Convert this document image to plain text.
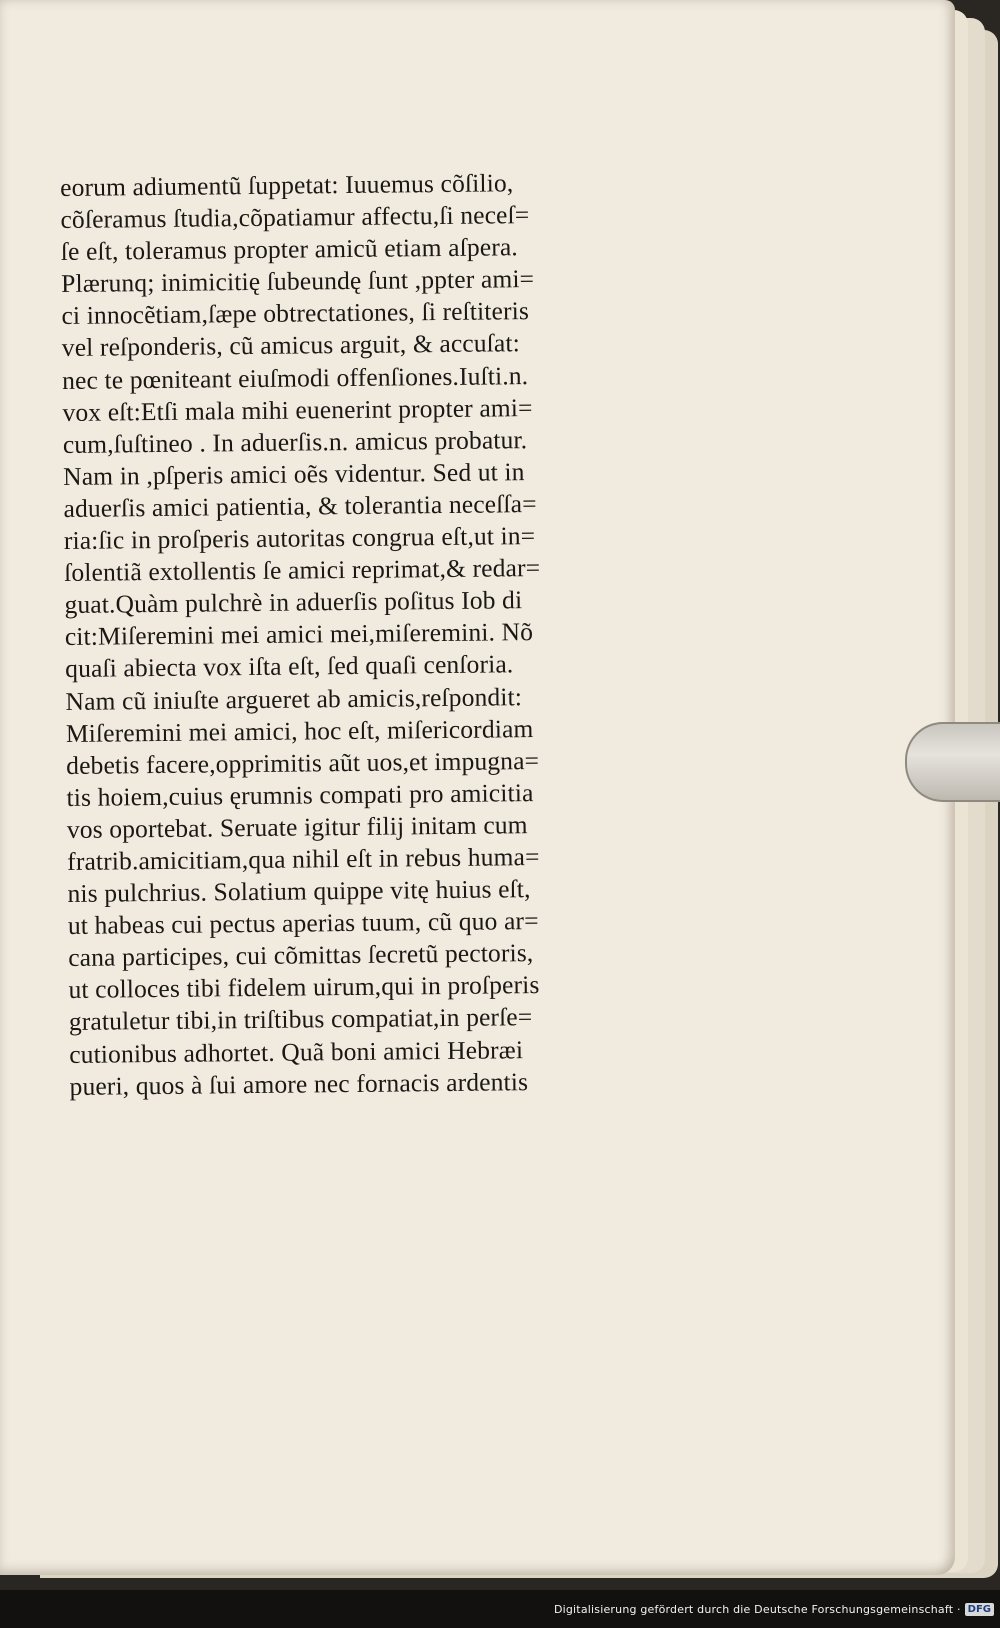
eorum adiumentũ ſuppetat: Iuuemus cõſilio,
cõſeramus ſtudia,cõpatiamur affectu,ſi neceſ=
ſe eſt, toleramus propter amicũ etiam aſpera.
Plærunq; inimicitię ſubeundę ſunt ,ppter ami=
ci innocẽtiam,ſæpe obtrectationes, ſi reſtiteris
vel reſponderis, cũ amicus arguit, & accuſat:
nec te pœniteant eiuſmodi offenſiones.Iuſti.n.
vox eſt:Etſi mala mihi euenerint propter ami=
cum,ſuſtineo . In aduerſis.n. amicus probatur.
Nam in ,pſperis amici oẽs videntur. Sed ut in
aduerſis amici patientia, & tolerantia neceſſa=
ria:ſic in proſperis autoritas congrua eſt,ut in=
ſolentiã extollentis ſe amici reprimat,& redar=
guat.Quàm pulchrè in aduerſis poſitus Iob di
cit:Miſeremini mei amici mei,miſeremini. Nõ
quaſi abiecta vox iſta eſt, ſed quaſi cenſoria.
Nam cũ iniuſte argueret ab amicis,reſpondit:
Miſeremini mei amici, hoc eſt, miſericordiam
debetis facere,opprimitis aũt uos,et impugna=
tis hoiem,cuius ęrumnis compati pro amicitia
vos oportebat. Seruate igitur filij initam cum
fratrib.amicitiam,qua nihil eſt in rebus huma=
nis pulchrius. Solatium quippe vitę huius eſt,
ut habeas cui pectus aperias tuum, cũ quo ar=
cana participes, cui cõmittas ſecretũ pectoris,
ut colloces tibi fidelem uirum,qui in proſperis
gratuletur tibi,in triſtibus compatiat,in perſe=
cutionibus adhortet. Quã boni amici Hebræi
pueri, quos à ſui amore nec fornacis ardentis
Digitalisierung gefördert durch die Deutsche Forschungsgemeinschaft · DFG
